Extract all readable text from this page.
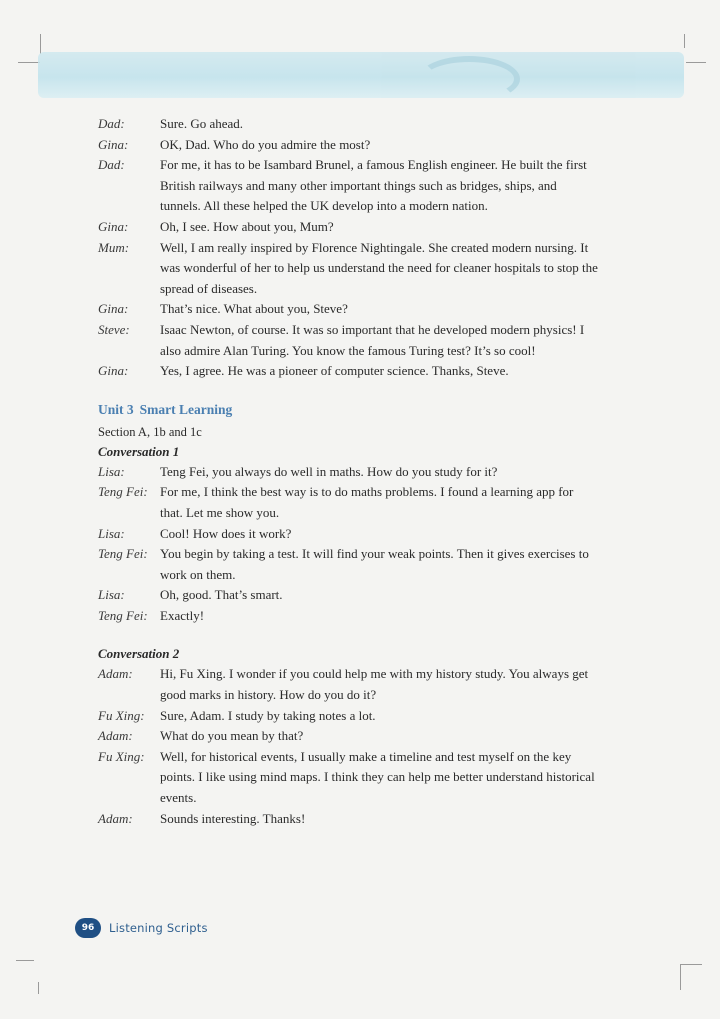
Dad:	Sure. Go ahead.
Gina: OK, Dad. Who do you admire the most?
Dad:	For me, it has to be Isambard Brunel, a famous English engineer. He built the first British railways and many other important things such as bridges, ships, and tunnels. All these helped the UK develop into a modern nation.
Gina: Oh, I see. How about you, Mum?
Mum: Well, I am really inspired by Florence Nightingale. She created modern nursing. It was wonderful of her to help us understand the need for cleaner hospitals to stop the spread of diseases.
Gina: That’s nice. What about you, Steve?
Steve: Isaac Newton, of course. It was so important that he developed modern physics! I also admire Alan Turing. You know the famous Turing test? It’s so cool!
Gina: Yes, I agree. He was a pioneer of computer science. Thanks, Steve.
Unit 3 Smart Learning
Section A, 1b and 1c
Conversation 1
Lisa:	Teng Fei, you always do well in maths. How do you study for it?
Teng Fei: For me, I think the best way is to do maths problems. I found a learning app for that. Let me show you.
Lisa:	Cool! How does it work?
Teng Fei: You begin by taking a test. It will find your weak points. Then it gives exercises to work on them.
Lisa:	Oh, good. That’s smart.
Teng Fei: Exactly!
Conversation 2
Adam: Hi, Fu Xing. I wonder if you could help me with my history study. You always get good marks in history. How do you do it?
Fu Xing: Sure, Adam. I study by taking notes a lot.
Adam: What do you mean by that?
Fu Xing: Well, for historical events, I usually make a timeline and test myself on the key points. I like using mind maps. I think they can help me better understand historical events.
Adam: Sounds interesting. Thanks!
96	Listening Scripts
